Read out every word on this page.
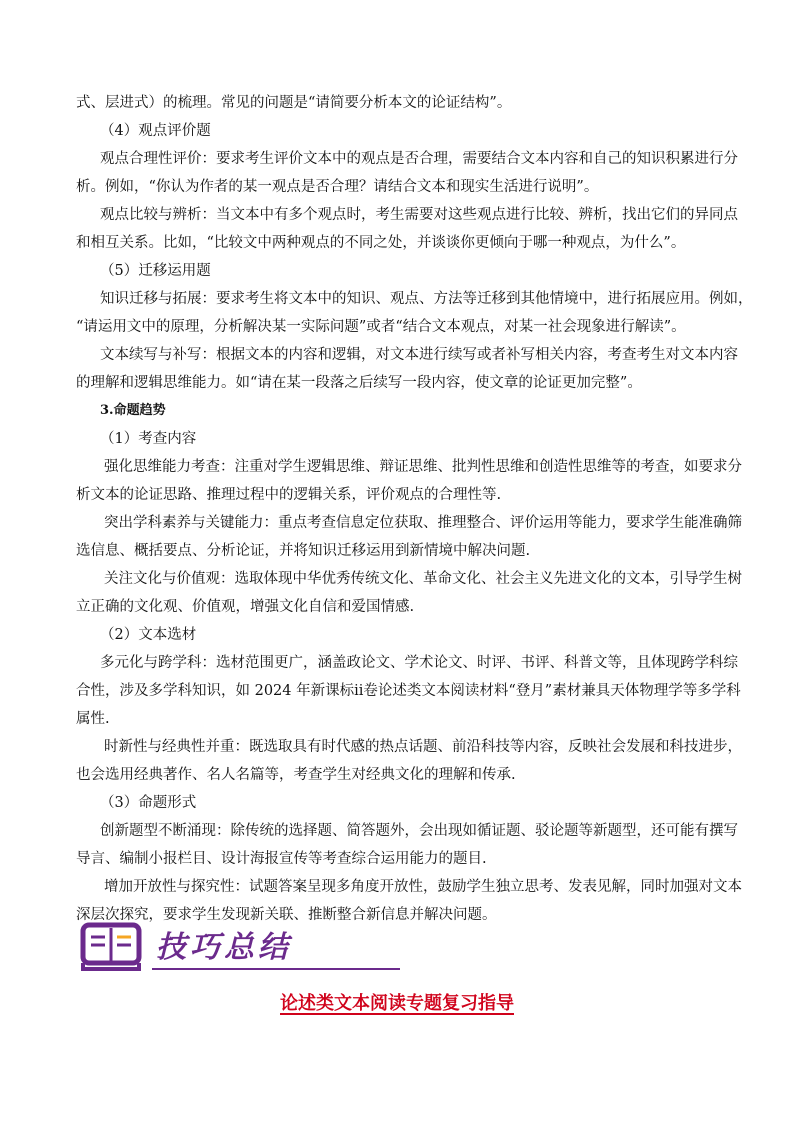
式、层进式）的梳理。常见的问题是“请简要分析本文的论证结构”。
（4）观点评价题
观点合理性评价：要求考生评价文本中的观点是否合理，需要结合文本内容和自己的知识积累进行分
析。例如，“你认为作者的某一观点是否合理？请结合文本和现实生活进行说明”。
观点比较与辨析：当文本中有多个观点时，考生需要对这些观点进行比较、辨析，找出它们的异同点
和相互关系。比如，“比较文中两种观点的不同之处，并谈谈你更倾向于哪一种观点，为什么”。
（5）迁移运用题
知识迁移与拓展：要求考生将文本中的知识、观点、方法等迁移到其他情境中，进行拓展应用。例如，
“请运用文中的原理，分析解决某一实际问题”或者“结合文本观点，对某一社会现象进行解读”。
文本续写与补写：根据文本的内容和逻辑，对文本进行续写或者补写相关内容，考查考生对文本内容
的理解和逻辑思维能力。如“请在某一段落之后续写一段内容，使文章的论证更加完整”。
3.命题趋势
（1）考查内容
强化思维能力考查：注重对学生逻辑思维、辩证思维、批判性思维和创造性思维等的考查，如要求分
析文本的论证思路、推理过程中的逻辑关系，评价观点的合理性等.
突出学科素养与关键能力：重点考查信息定位获取、推理整合、评价运用等能力，要求学生能准确筛
选信息、概括要点、分析论证，并将知识迁移运用到新情境中解决问题.
关注文化与价值观：选取体现中华优秀传统文化、革命文化、社会主义先进文化的文本，引导学生树
立正确的文化观、价值观，增强文化自信和爱国情感.
（2）文本选材
多元化与跨学科：选材范围更广，涵盖政论文、学术论文、时评、书评、科普文等，且体现跨学科综
合性，涉及多学科知识，如 2024 年新课标ⅱ卷论述类文本阅读材料“登月”素材兼具天体物理学等多学科
属性.
时新性与经典性并重：既选取具有时代感的热点话题、前沿科技等内容，反映社会发展和科技进步，
也会选用经典著作、名人名篇等，考查学生对经典文化的理解和传承.
（3）命题形式
创新题型不断涌现：除传统的选择题、简答题外，会出现如循证题、驳论题等新题型，还可能有撰写
导言、编制小报栏目、设计海报宣传等考查综合运用能力的题目.
增加开放性与探究性：试题答案呈现多角度开放性，鼓励学生独立思考、发表见解，同时加强对文本
深层次探究，要求学生发现新关联、推断整合新信息并解决问题。
技巧总结
论述类文本阅读专题复习指导
